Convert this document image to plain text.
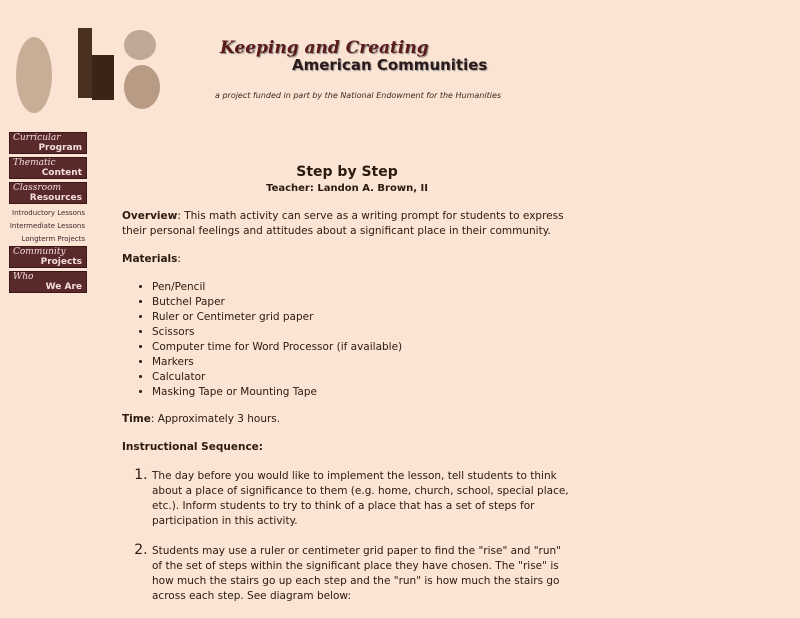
Keeping and Creating
American Communities
a project funded in part by the National Endowment for the Humanities
Curricular
Program
Thematic
Content
Classroom
Resources
Introductory Lessons
Intermediate Lessons
Longterm Projects
Community
Projects
Who
We Are
Step by Step
Teacher: Landon A. Brown, II

Overview: This math activity can serve as a writing prompt for students to express their personal feelings and attitudes about a significant place in their community.

Materials:

• Pen/Pencil
• Butchel Paper
• Ruler or Centimeter grid paper
• Scissors
• Computer time for Word Processor (if available)
• Markers
• Calculator
• Masking Tape or Mounting Tape

Time: Approximately 3 hours.

Instructional Sequence:

1. The day before you would like to implement the lesson, tell students to think about a place of significance to them (e.g. home, church, school, special place, etc.). Inform students to try to think of a place that has a set of steps for participation in this activity.
2. Students may use a ruler or centimeter grid paper to find the "rise" and "run" of the set of steps within the significant place they have chosen. The "rise" is how much the stairs go up each step and the "run" is how much the stairs go across each step. See diagram below:
